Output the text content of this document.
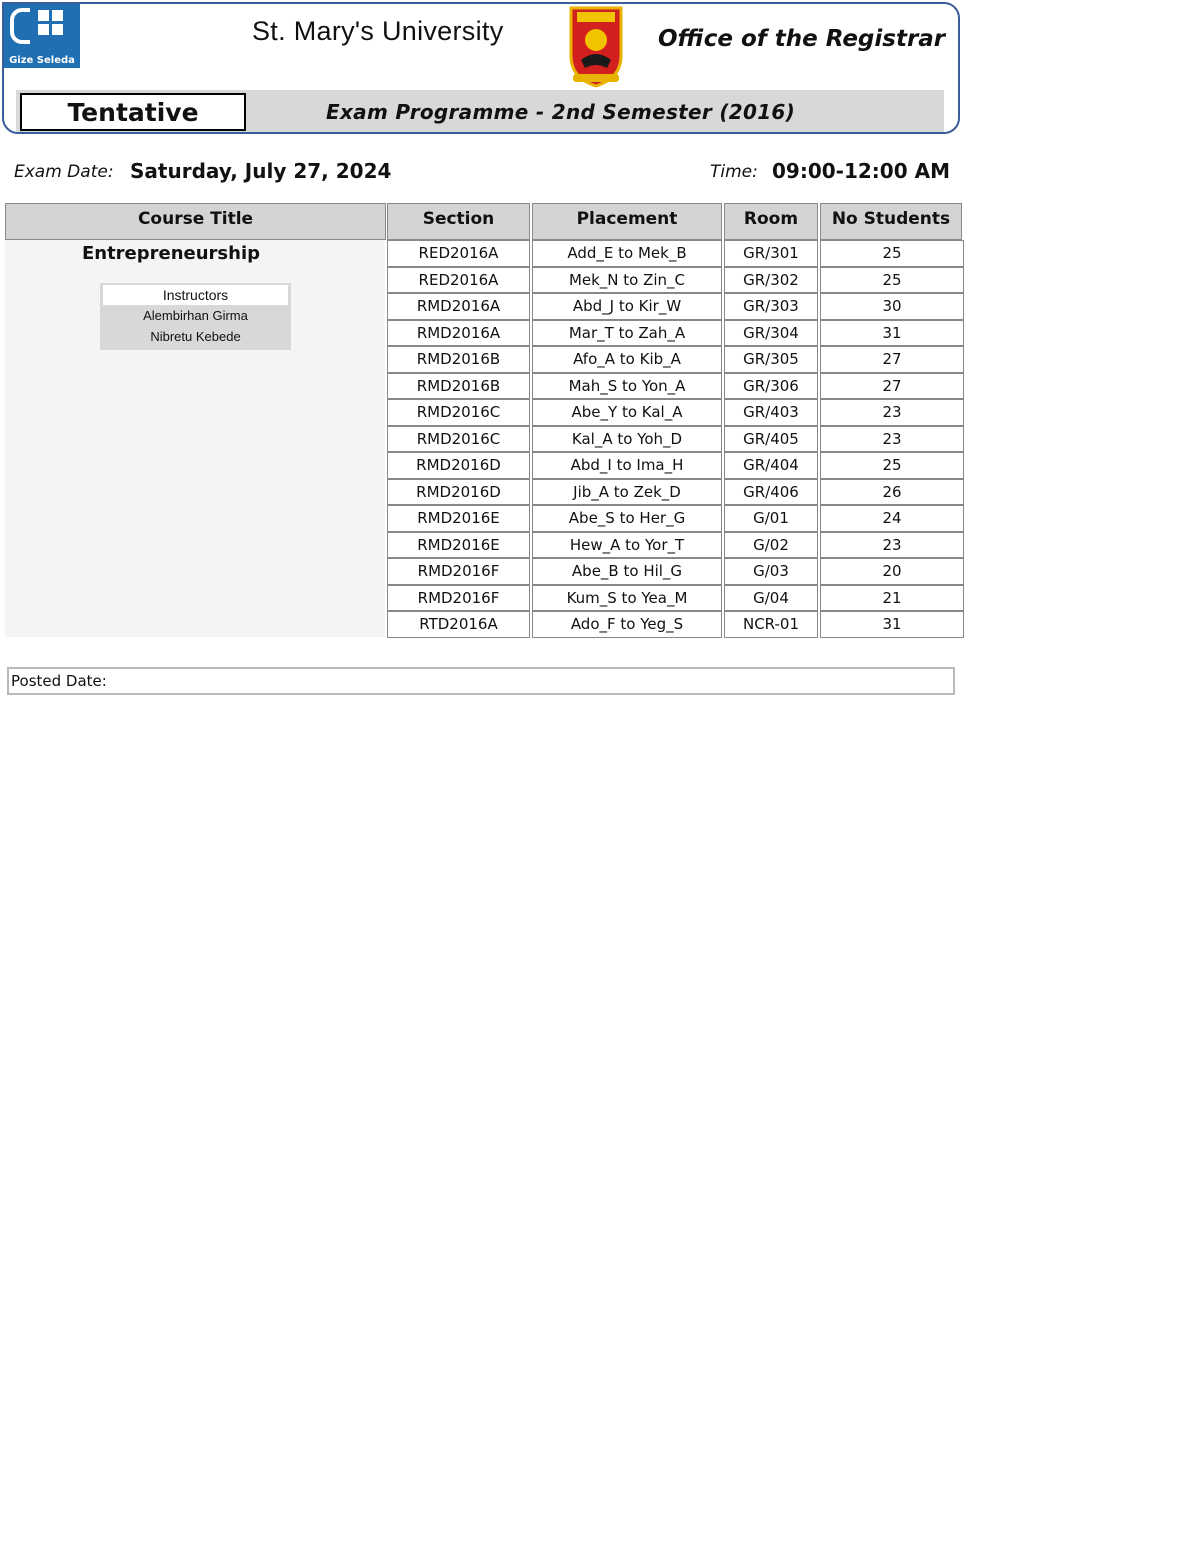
Gize Seleda
St. Mary's University	Office of the Registrar
Tentative	Exam Programme - 2nd Semester (2016)
Exam Date: Saturday, July 27, 2024	Time: 09:00-12:00 AM
Course Title	Section	Placement	Room	No Students
Entrepreneurship
Instructors
Alembirhan Girma
Nibretu Kebede
RED2016A	Add_E to Mek_B	GR/301	25
RED2016A	Mek_N to Zin_C	GR/302	25
RMD2016A	Abd_J to Kir_W	GR/303	30
RMD2016A	Mar_T to Zah_A	GR/304	31
RMD2016B	Afo_A to Kib_A	GR/305	27
RMD2016B	Mah_S to Yon_A	GR/306	27
RMD2016C	Abe_Y to Kal_A	GR/403	23
RMD2016C	Kal_A to Yoh_D	GR/405	23
RMD2016D	Abd_I to Ima_H	GR/404	25
RMD2016D	Jib_A to Zek_D	GR/406	26
RMD2016E	Abe_S to Her_G	G/01	24
RMD2016E	Hew_A to Yor_T	G/02	23
RMD2016F	Abe_B to Hil_G	G/03	20
RMD2016F	Kum_S to Yea_M	G/04	21
RTD2016A	Ado_F to Yeg_S	NCR-01	31
Posted Date:
